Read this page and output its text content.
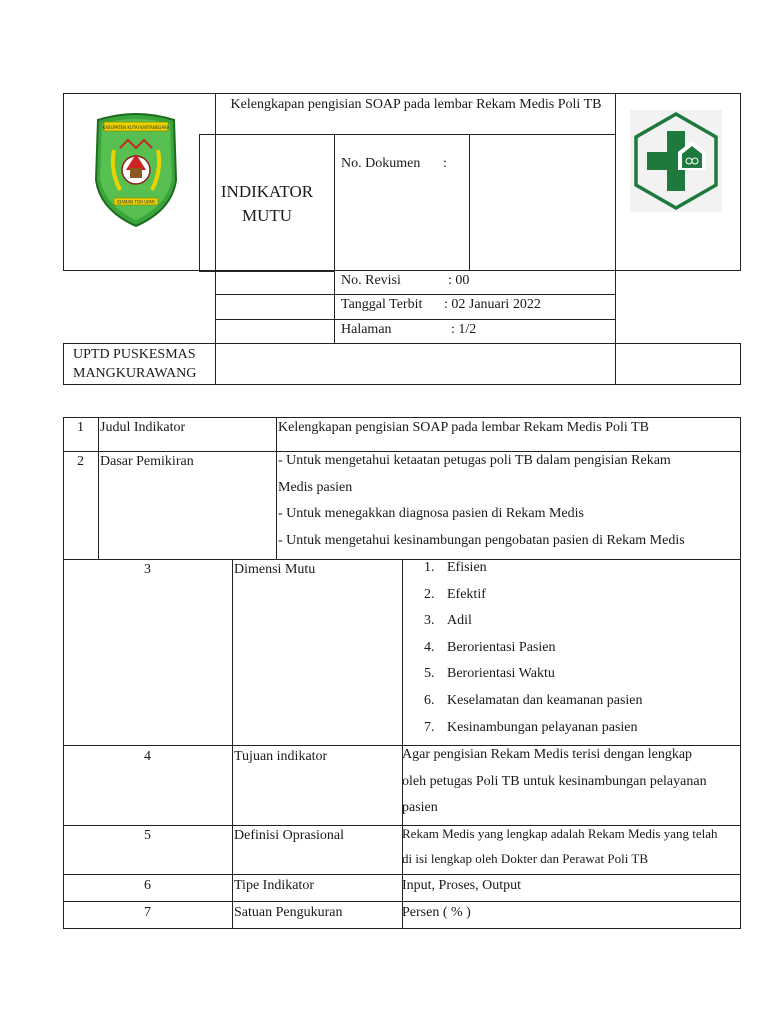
Kelengkapan pengisian SOAP pada lembar Rekam Medis Poli TB
INDIKATOR
MUTU
No. Dokumen :
KABUPATEN KUTAI KARTANEGARA
IDAMAN TOH UPAR
No. Revisi	: 00
Tanggal Terbit : 02 Januari 2022
Halaman	: 1/2
UPTD PUSKESMAS
MANGKURAWANG
1	Judul Indikator	Kelengkapan pengisian SOAP pada lembar Rekam Medis Poli TB
2	Dasar Pemikiran	- Untuk mengetahui ketaatan petugas poli TB dalam pengisian Rekam
Medis pasien
- Untuk menegakkan diagnosa pasien di Rekam Medis
- Untuk mengetahui kesinambungan pengobatan pasien di Rekam Medis
3	Dimensi Mutu	1. Efisien
2. Efektif
3. Adil
4. Berorientasi Pasien
5. Berorientasi Waktu
6. Keselamatan dan keamanan pasien
7. Kesinambungan pelayanan pasien
4	Tujuan indikator	Agar pengisian Rekam Medis terisi dengan lengkap
oleh petugas Poli TB untuk kesinambungan pelayanan
pasien
5	Definisi Oprasional	Rekam Medis yang lengkap adalah Rekam Medis yang telah
di isi lengkap oleh Dokter dan Perawat Poli TB
6	Tipe Indikator	Input, Proses, Output
7	Satuan Pengukuran	Persen ( % )
